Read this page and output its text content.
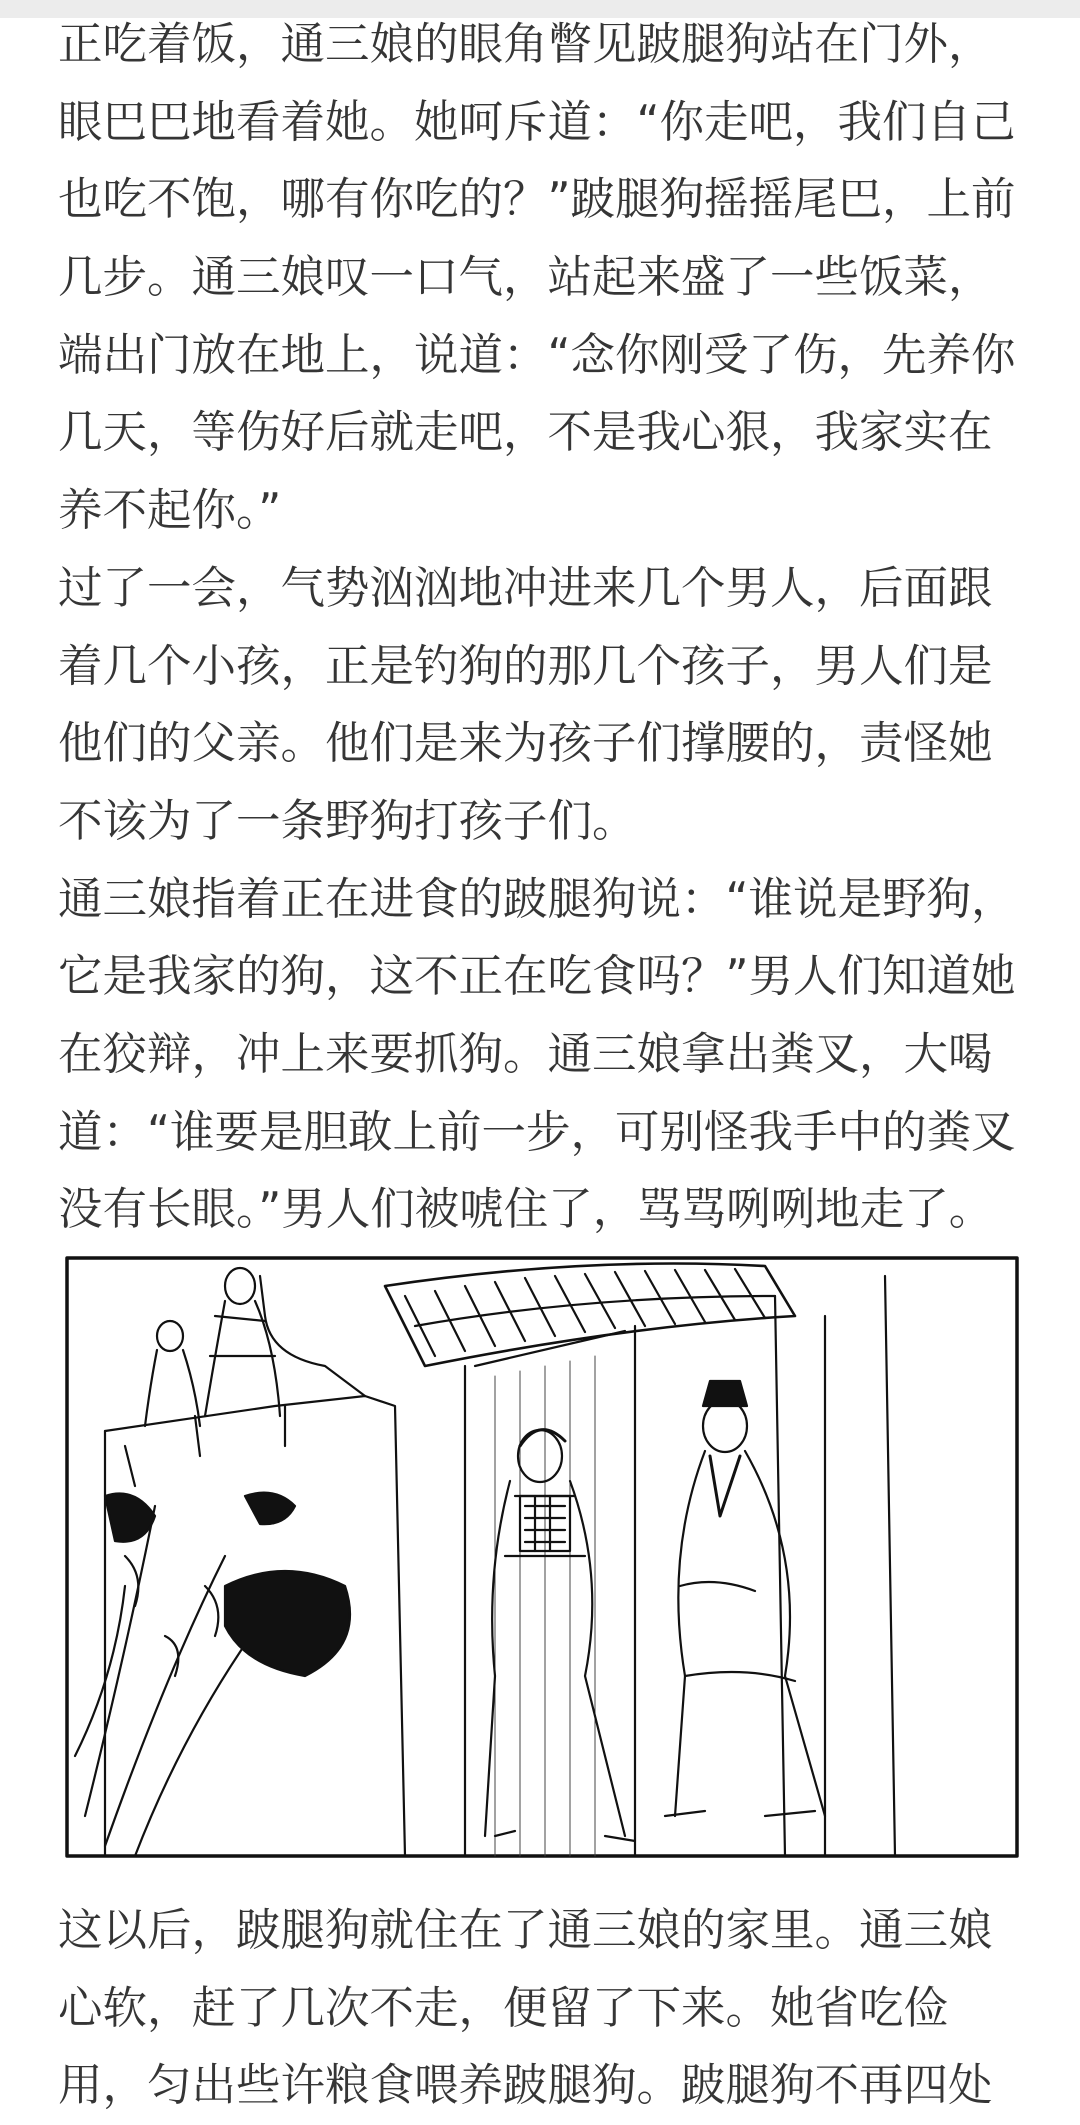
正吃着饭，通三娘的眼角瞥见跛腿狗站在门外，
眼巴巴地看着她。她呵斥道：“你走吧，我们自己
也吃不饱，哪有你吃的？”跛腿狗摇摇尾巴，上前
几步。通三娘叹一口气，站起来盛了一些饭菜，
端出门放在地上，说道：“念你刚受了伤，先养你
几天，等伤好后就走吧，不是我心狠，我家实在
养不起你。”

过了一会，气势汹汹地冲进来几个男人，后面跟
着几个小孩，正是钓狗的那几个孩子，男人们是
他们的父亲。他们是来为孩子们撑腰的，责怪她
不该为了一条野狗打孩子们。

通三娘指着正在进食的跛腿狗说：“谁说是野狗，
它是我家的狗，这不正在吃食吗？”男人们知道她
在狡辩，冲上来要抓狗。通三娘拿出粪叉，大喝
道：“谁要是胆敢上前一步，可别怪我手中的粪叉
没有长眼。”男人们被唬住了，骂骂咧咧地走了。

这以后，跛腿狗就住在了通三娘的家里。通三娘
心软，赶了几次不走，便留了下来。她省吃俭
用，匀出些许粮食喂养跛腿狗。跛腿狗不再四处
